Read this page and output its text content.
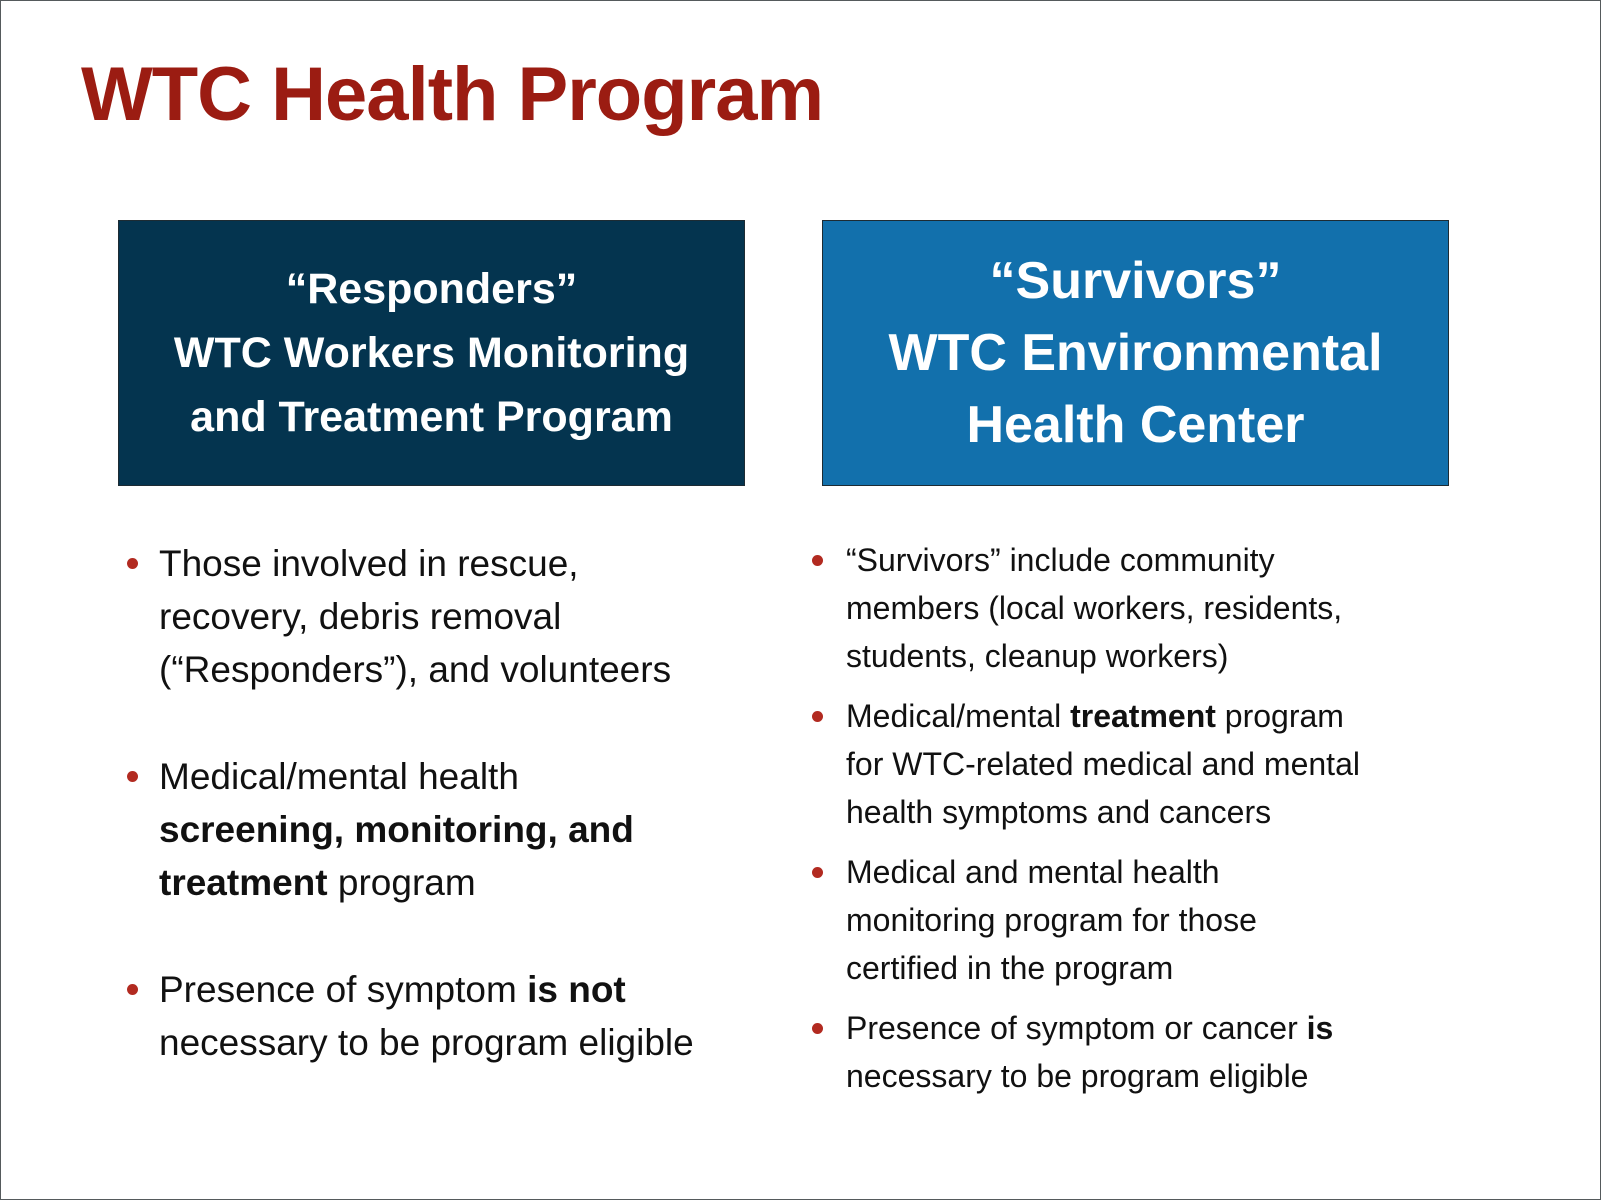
WTC Health Program
“Responders”
WTC Workers Monitoring
and Treatment Program
“Survivors”
WTC Environmental
Health Center
Those involved in rescue,
recovery, debris removal
(“Responders”), and volunteers
Medical/mental health
screening, monitoring, and
treatment program
Presence of symptom is not
necessary to be program eligible
“Survivors” include community
members (local workers, residents,
students, cleanup workers)
Medical/mental treatment program
for WTC-related medical and mental
health symptoms and cancers
Medical and mental health
monitoring program for those
certified in the program
Presence of symptom or cancer is
necessary to be program eligible
